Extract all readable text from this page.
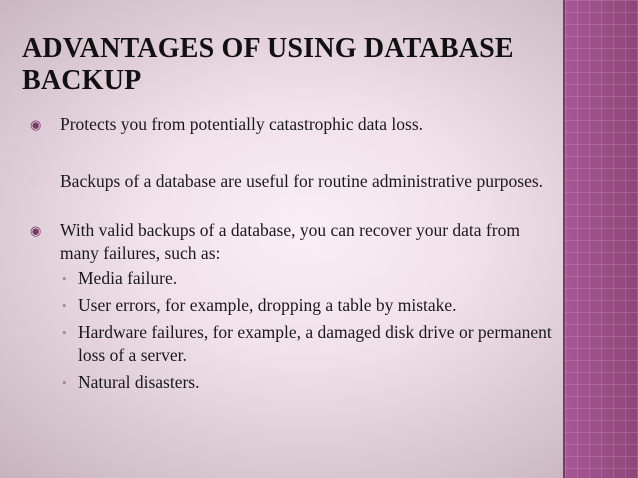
ADVANTAGES OF USING DATABASE
BACKUP
◉	Protects you from potentially catastrophic data loss.
○	Backups of a database are useful for routine administrative purposes.
◉	With valid backups of a database, you can recover your data from many failures, such as:
• Media failure.
• User errors, for example, dropping a table by mistake.
• Hardware failures, for example, a damaged disk drive or permanent loss of a server.
• Natural disasters.
